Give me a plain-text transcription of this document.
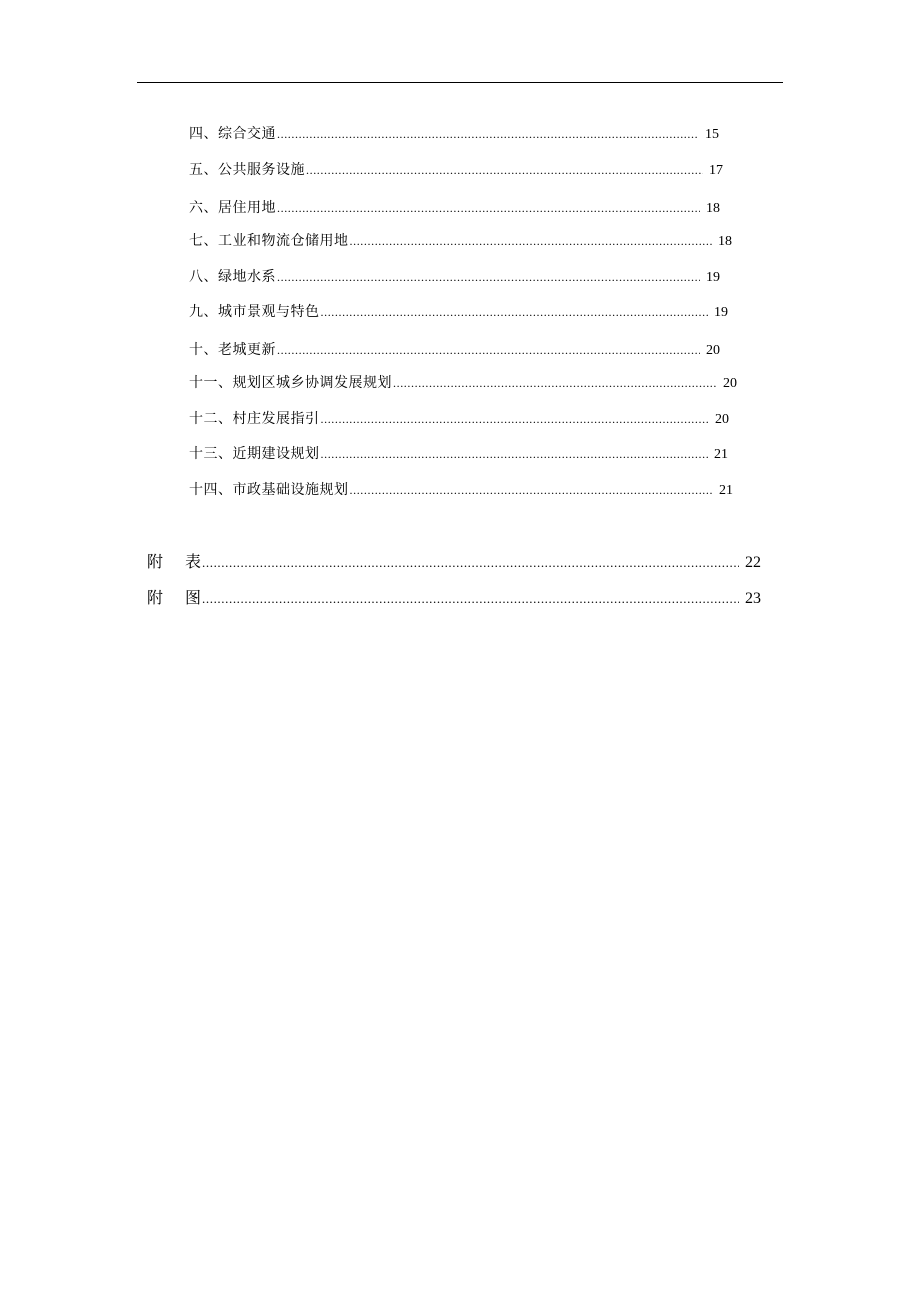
四、综合交通 .....	15
五、公共服务设施 .....	17
六、居住用地 .....	18
七、工业和物流仓储用地 .....	18
八、绿地水系 .....	19
九、城市景观与特色 .....	19
十、老城更新 .....	20
十一、规划区城乡协调发展规划 .....	20
十二、村庄发展指引 .....	20
十三、近期建设规划 .....	21
十四、市政基础设施规划 .....	21
附 表 .....	22
附 图 .....	23
